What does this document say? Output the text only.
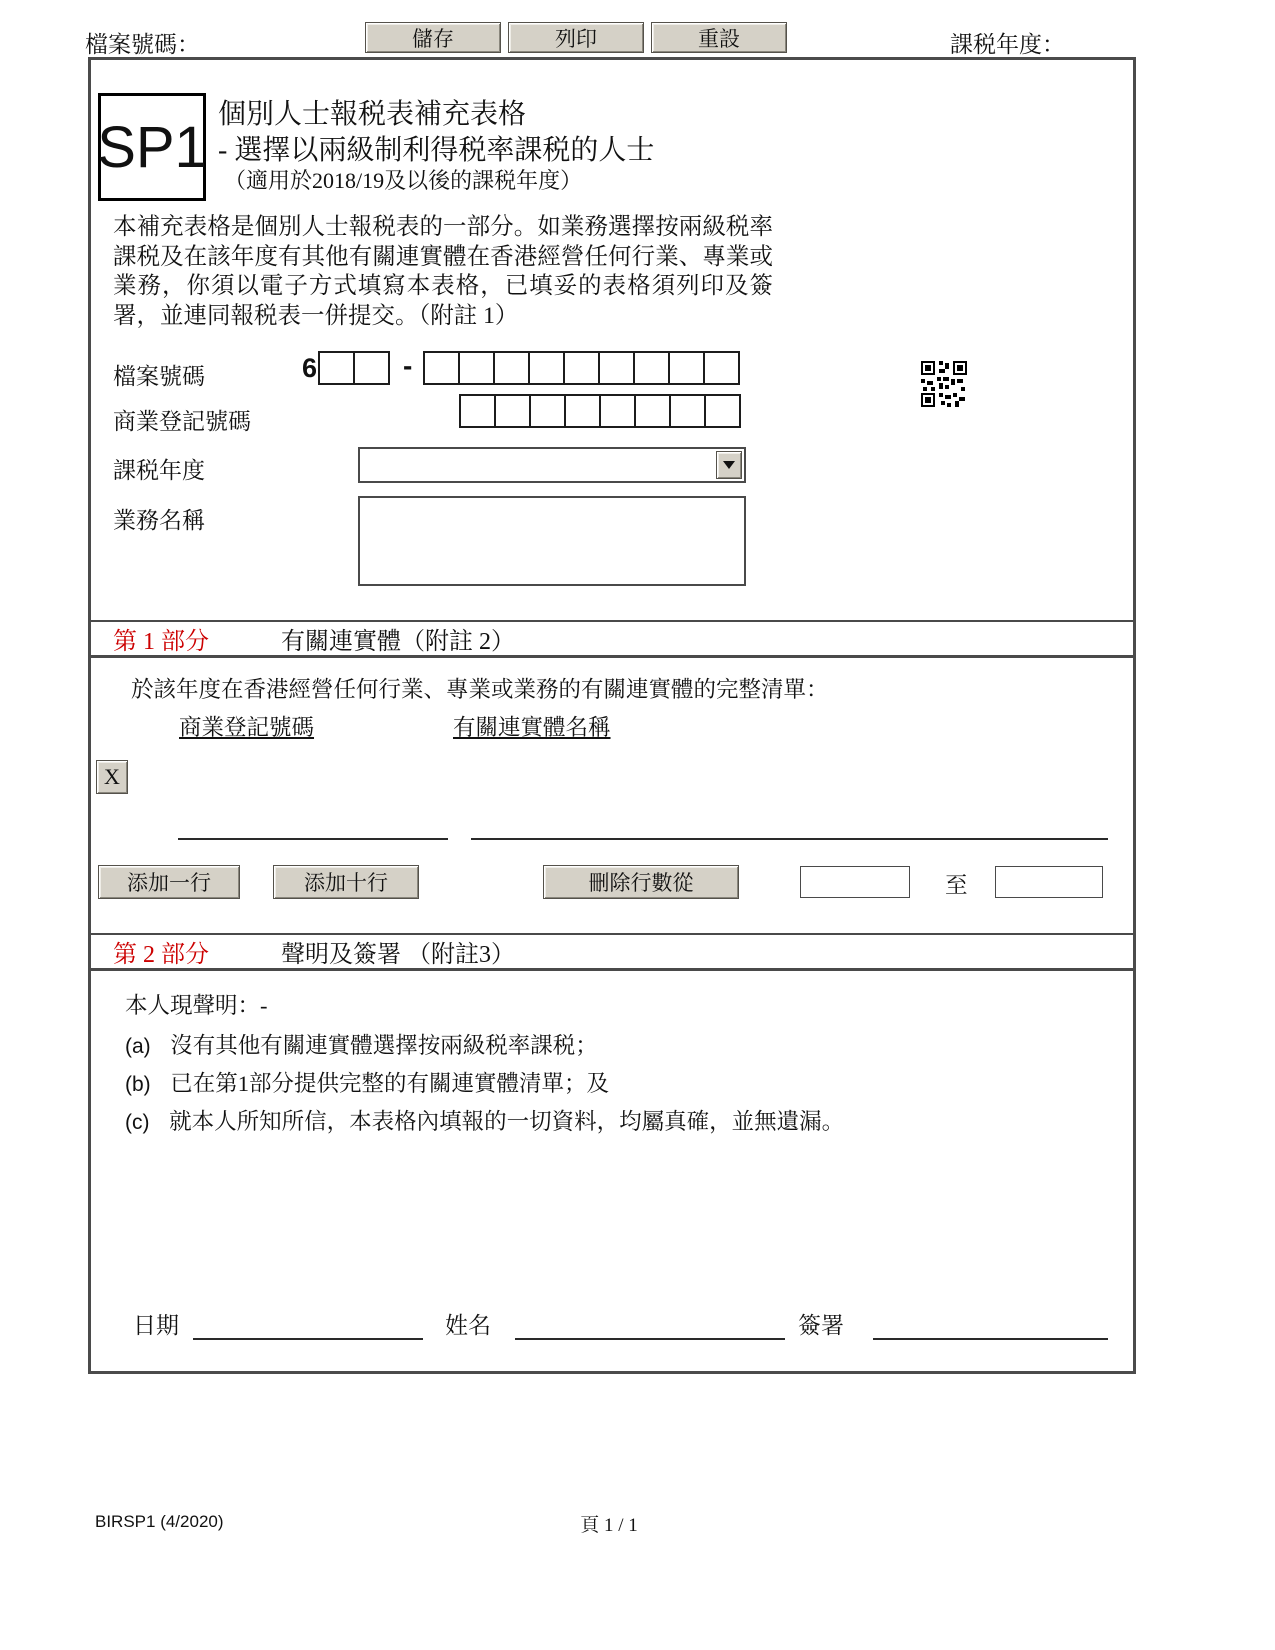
檔案號碼：	儲存	列印	重設	課税年度：
SP1 個別人士報税表補充表格
- 選擇以兩級制利得税率課税的人士
（適用於2018/19及以後的課税年度）
本補充表格是個別人士報税表的一部分。如業務選擇按兩級税率課税及在該年度有其他有關連實體在香港經營任何行業、專業或業務，你須以電子方式填寫本表格，已填妥的表格須列印及簽署，並連同報税表一併提交。（附註 1）
檔案號碼	6	-
商業登記號碼
課税年度
業務名稱
第 1 部分	有關連實體（附註 2）
於該年度在香港經營任何行業、專業或業務的有關連實體的完整清單：
商業登記號碼	有關連實體名稱
X
添加一行	添加十行	刪除行數從	至
第 2 部分	聲明及簽署 （附註3）
本人現聲明：-
(a) 沒有其他有關連實體選擇按兩級税率課税；
(b) 已在第1部分提供完整的有關連實體清單；及
(c) 就本人所知所信，本表格內填報的一切資料，均屬真確，並無遺漏。
日期	姓名	簽署
BIRSP1 (4/2020)	頁 1 / 1
